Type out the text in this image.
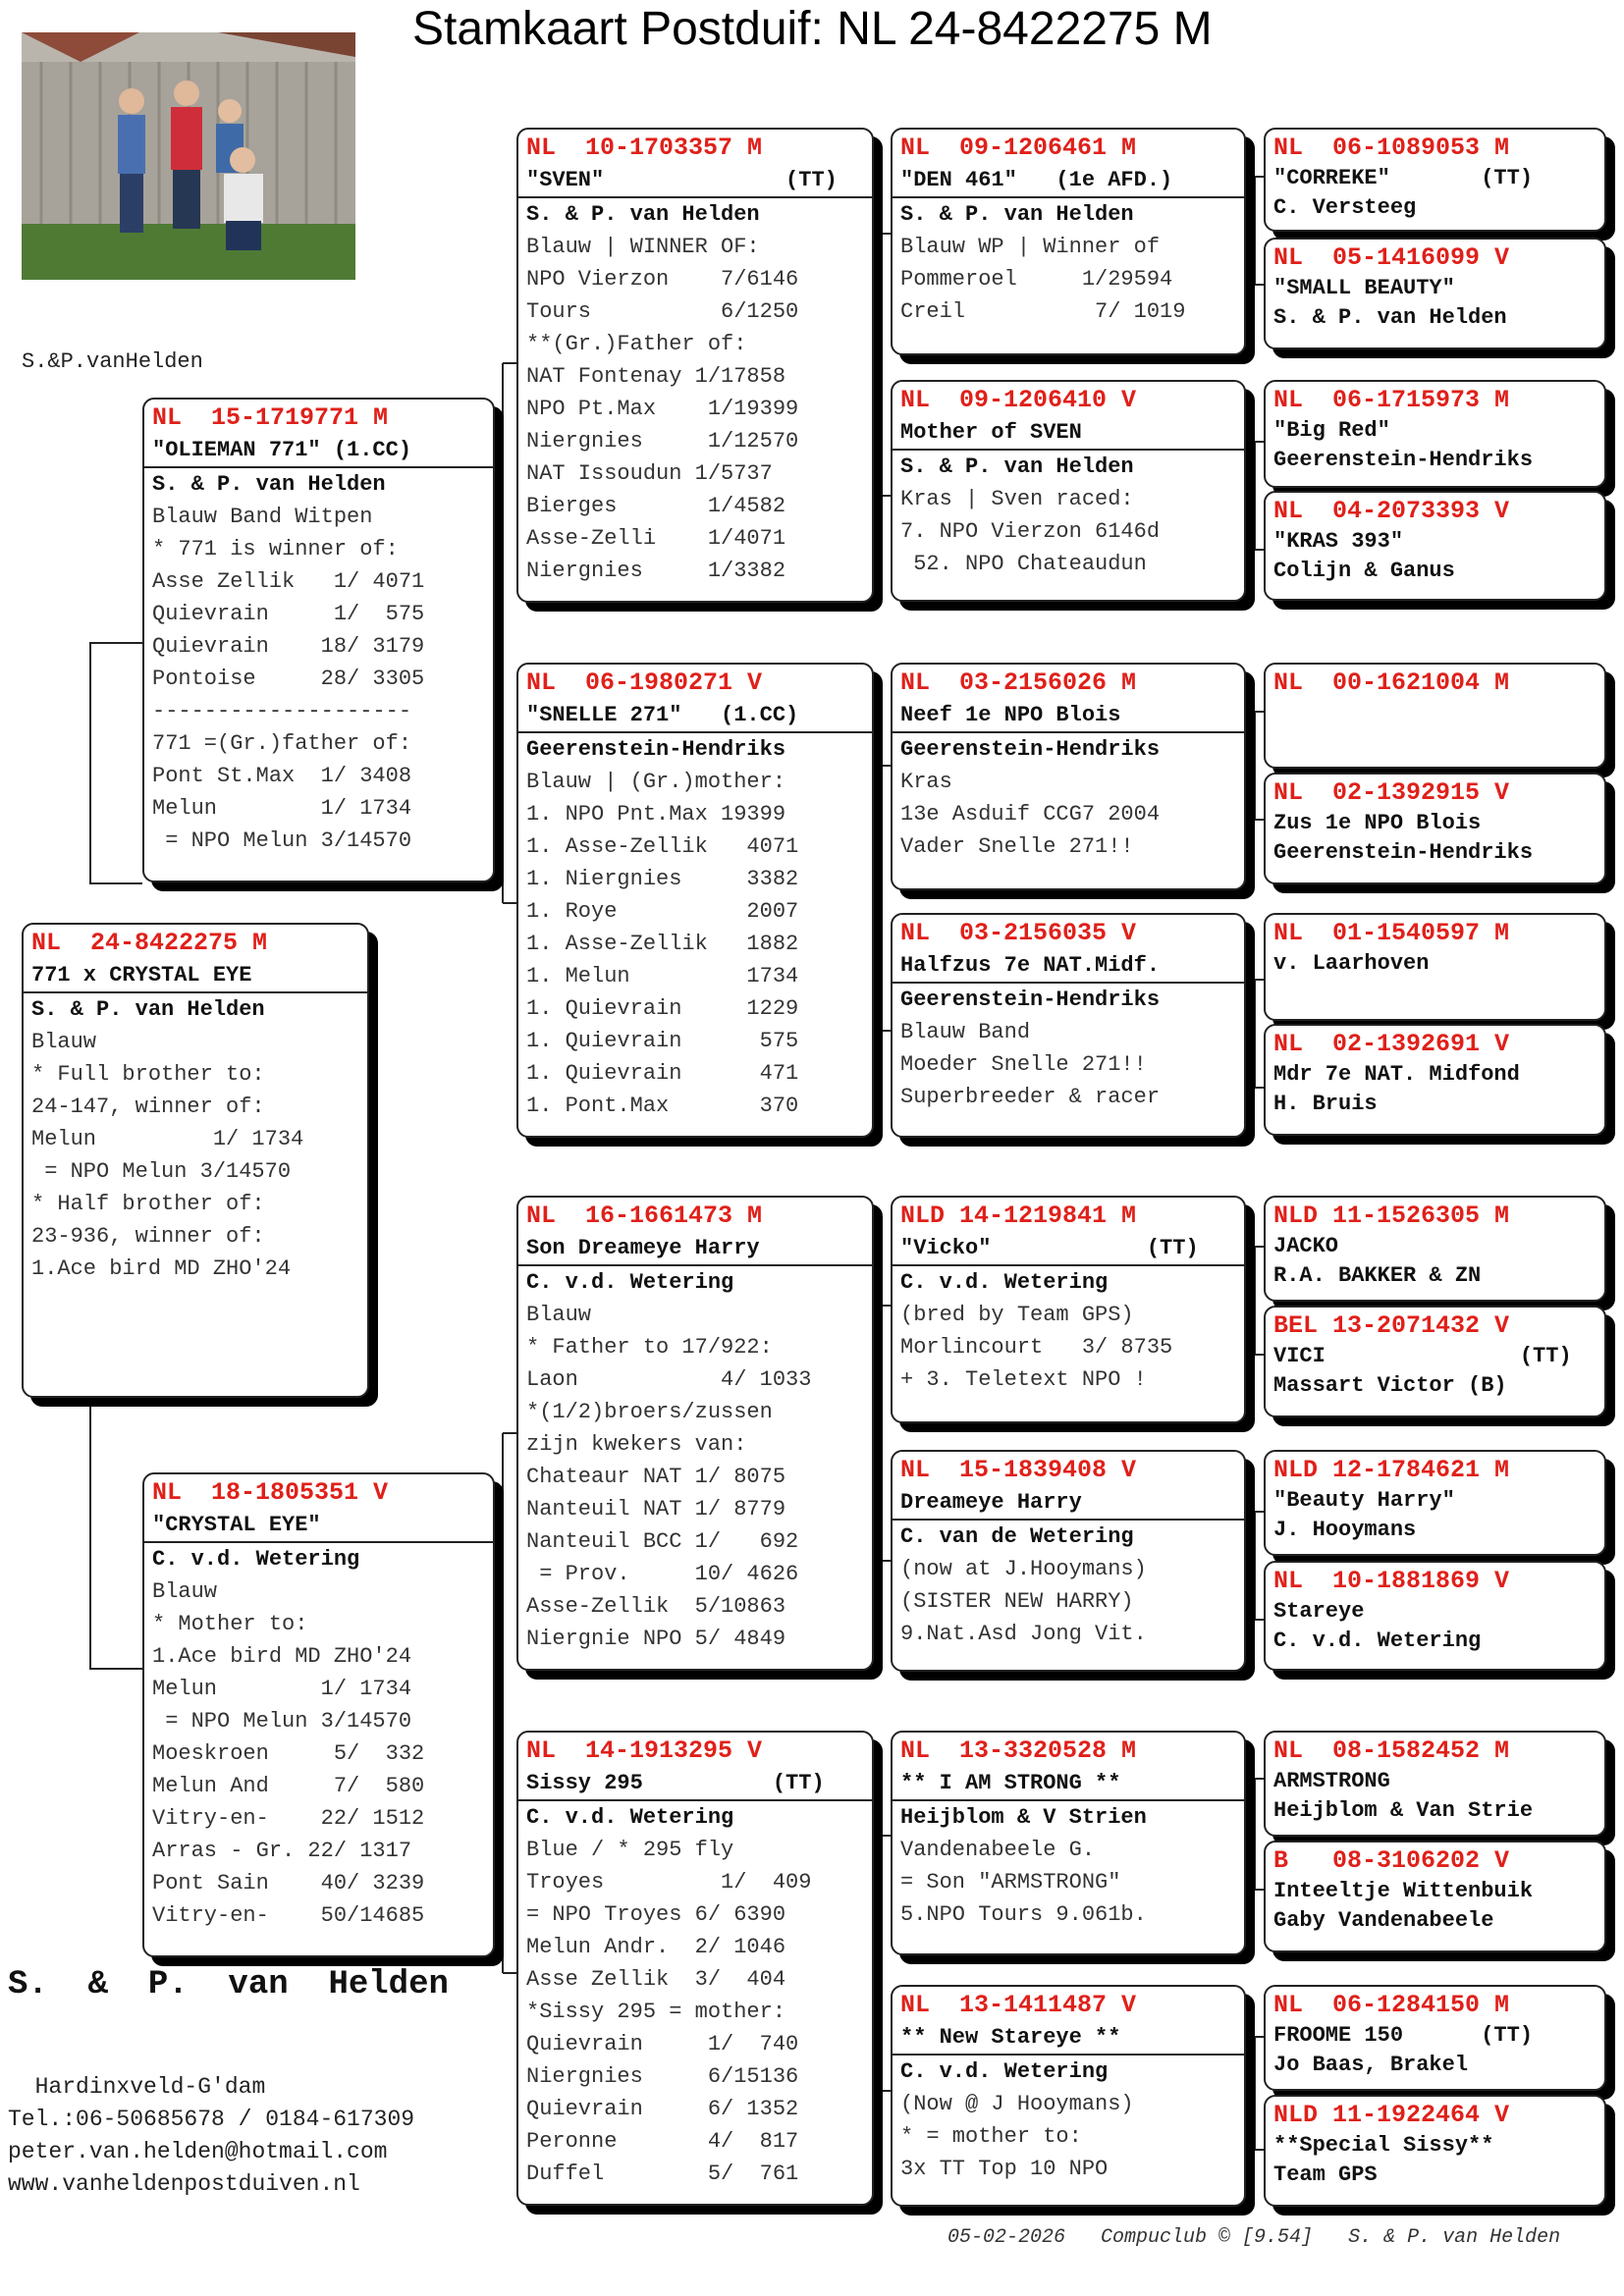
Stamkaart Postduif: NL 24-8422275 M
S.&P.vanHelden
NL  24-8422275 M
771 x CRYSTAL EYE
S. & P. van Helden
Blauw
* Full brother to:
24-147, winner of:
Melun         1/ 1734
= NPO Melun 3/14570
* Half brother of:
23-936, winner of:
1.Ace bird MD ZHO'24
NL  15-1719771 M
"OLIEMAN 771" (1.CC)
S. & P. van Helden
Blauw Band Witpen
* 771 is winner of:
Asse Zellik   1/ 4071
Quievrain     1/  575
Quievrain    18/ 3179
Pontoise     28/ 3305
--------------------
771 =(Gr.)father of:
Pont St.Max  1/ 3408
Melun        1/ 1734
= NPO Melun 3/14570
NL  18-1805351 V
"CRYSTAL EYE"
C. v.d. Wetering
Blauw
* Mother to:
1.Ace bird MD ZHO'24
Melun        1/ 1734
= NPO Melun 3/14570
Moeskroen     5/  332
Melun And     7/  580
Vitry-en-    22/ 1512
Arras - Gr. 22/ 1317
Pont Sain    40/ 3239
Vitry-en-    50/14685
NL  10-1703357 M
"SVEN"              (TT)
S. & P. van Helden
Blauw | WINNER OF:
NPO Vierzon    7/6146
Tours          6/1250
**(Gr.)Father of:
NAT Fontenay 1/17858
NPO Pt.Max    1/19399
Niergnies     1/12570
NAT Issoudun 1/5737
Bierges       1/4582
Asse-Zelli    1/4071
Niergnies     1/3382
NL  06-1980271 V
"SNELLE 271"   (1.CC)
Geerenstein-Hendriks
Blauw | (Gr.)mother:
1. NPO Pnt.Max 19399
1. Asse-Zellik   4071
1. Niergnies     3382
1. Roye          2007
1. Asse-Zellik   1882
1. Melun         1734
1. Quievrain     1229
1. Quievrain      575
1. Quievrain      471
1. Pont.Max       370
NL  16-1661473 M
Son Dreameye Harry
C. v.d. Wetering
Blauw
* Father to 17/922:
Laon           4/ 1033
*(1/2)broers/zussen
zijn kwekers van:
Chateaur NAT 1/ 8075
Nanteuil NAT 1/ 8779
Nanteuil BCC 1/   692
= Prov.     10/ 4626
Asse-Zellik  5/10863
Niergnie NPO 5/ 4849
NL  14-1913295 V
Sissy 295          (TT)
C. v.d. Wetering
Blue / * 295 fly
Troyes         1/  409
= NPO Troyes 6/ 6390
Melun Andr.  2/ 1046
Asse Zellik  3/  404
*Sissy 295 = mother:
Quievrain     1/  740
Niergnies     6/15136
Quievrain     6/ 1352
Peronne       4/  817
Duffel        5/  761
NL  09-1206461 M
"DEN 461"   (1e AFD.)
S. & P. van Helden
Blauw WP | Winner of
Pommeroel     1/29594
Creil          7/ 1019
NL  09-1206410 V
Mother of SVEN
S. & P. van Helden
Kras | Sven raced:
7. NPO Vierzon 6146d
52. NPO Chateaudun
NL  03-2156026 M
Neef 1e NPO Blois
Geerenstein-Hendriks
Kras
13e Asduif CCG7 2004
Vader Snelle 271!!
NL  03-2156035 V
Halfzus 7e NAT.Midf.
Geerenstein-Hendriks
Blauw Band
Moeder Snelle 271!!
Superbreeder & racer
NLD 14-1219841 M
"Vicko"            (TT)
C. v.d. Wetering
(bred by Team GPS)
Morlincourt   3/ 8735
+ 3. Teletext NPO !
NL  15-1839408 V
Dreameye Harry
C. van de Wetering
(now at J.Hooymans)
(SISTER NEW HARRY)
9.Nat.Asd Jong Vit.
NL  13-3320528 M
** I AM STRONG **
Heijblom & V Strien
Vandenabeele G.
= Son "ARMSTRONG"
5.NPO Tours 9.061b.
NL  13-1411487 V
** New Stareye **
C. v.d. Wetering
(Now @ J Hooymans)
* = mother to:
3x TT Top 10 NPO
NL  06-1089053 M
"CORREKE"       (TT)
C. Versteeg
NL  05-1416099 V
"SMALL BEAUTY"
S. & P. van Helden
NL  06-1715973 M
"Big Red"
Geerenstein-Hendriks
NL  04-2073393 V
"KRAS 393"
Colijn & Ganus
NL  00-1621004 M
NL  02-1392915 V
Zus 1e NPO Blois
Geerenstein-Hendriks
NL  01-1540597 M
v. Laarhoven
NL  02-1392691 V
Mdr 7e NAT. Midfond
H. Bruis
NLD 11-1526305 M
JACKO
R.A. BAKKER & ZN
BEL 13-2071432 V
VICI               (TT)
Massart Victor (B)
NLD 12-1784621 M
"Beauty Harry"
J. Hooymans
NL  10-1881869 V
Stareye
C. v.d. Wetering
NL  08-1582452 M
ARMSTRONG
Heijblom & Van Strie
B   08-3106202 V
Inteeltje Wittenbuik
Gaby Vandenabeele
NL  06-1284150 M
FROOME 150      (TT)
Jo Baas, Brakel
NLD 11-1922464 V
**Special Sissy**
Team GPS
S.  &  P.  van  Helden
Hardinxveld-G'dam
Tel.:06-50685678 / 0184-617309
peter.van.helden@hotmail.com
www.vanheldenpostduiven.nl
05-02-2026   Compuclub © [9.54]   S. & P. van Helden
